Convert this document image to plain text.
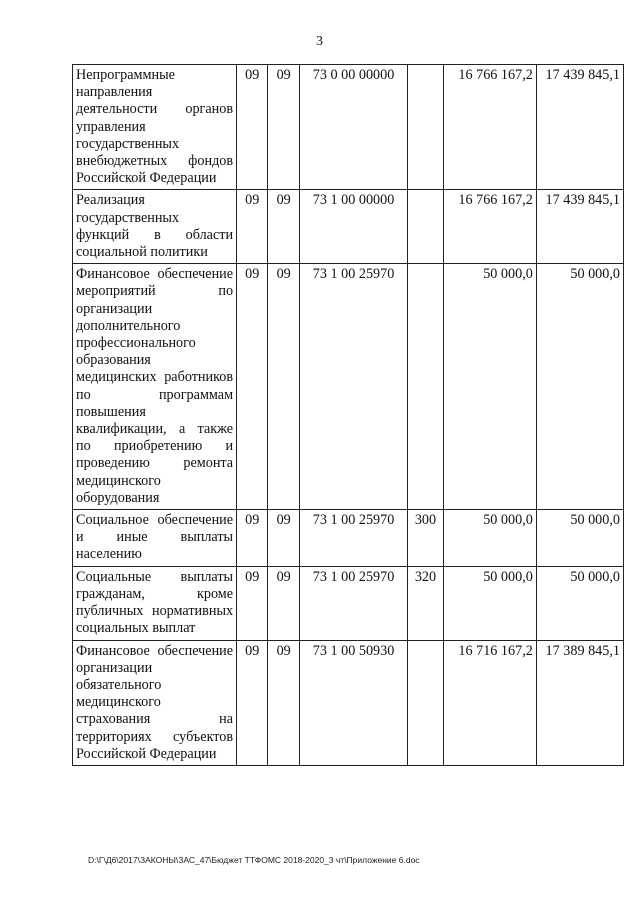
3
Непрограммные направления деятельности органов управления государственных внебюджетных фондов Российской Федерации	09	09	73 0 00 00000		16 766 167,2	17 439 845,1
Реализация государственных функций в области социальной политики	09	09	73 1 00 00000		16 766 167,2	17 439 845,1
Финансовое обеспечение мероприятий по организации дополнительного профессионального образования медицинских работников по программам повышения квалификации, а также по приобретению и проведению ремонта медицинского оборудования	09	09	73 1 00 25970		50 000,0	50 000,0
Социальное обеспечение и иные выплаты населению	09	09	73 1 00 25970	300	50 000,0	50 000,0
Социальные выплаты гражданам, кроме публичных нормативных социальных выплат	09	09	73 1 00 25970	320	50 000,0	50 000,0
Финансовое обеспечение организации обязательного медицинского страхования на территориях субъектов Российской Федерации	09	09	73 1 00 50930		16 716 167,2	17 389 845,1
D:\Г\Д6\2017\ЗАКОНЫ\ЗАС_47\Бюджет ТТФОМС 2018-2020_3 чт\Приложение 6.doc
